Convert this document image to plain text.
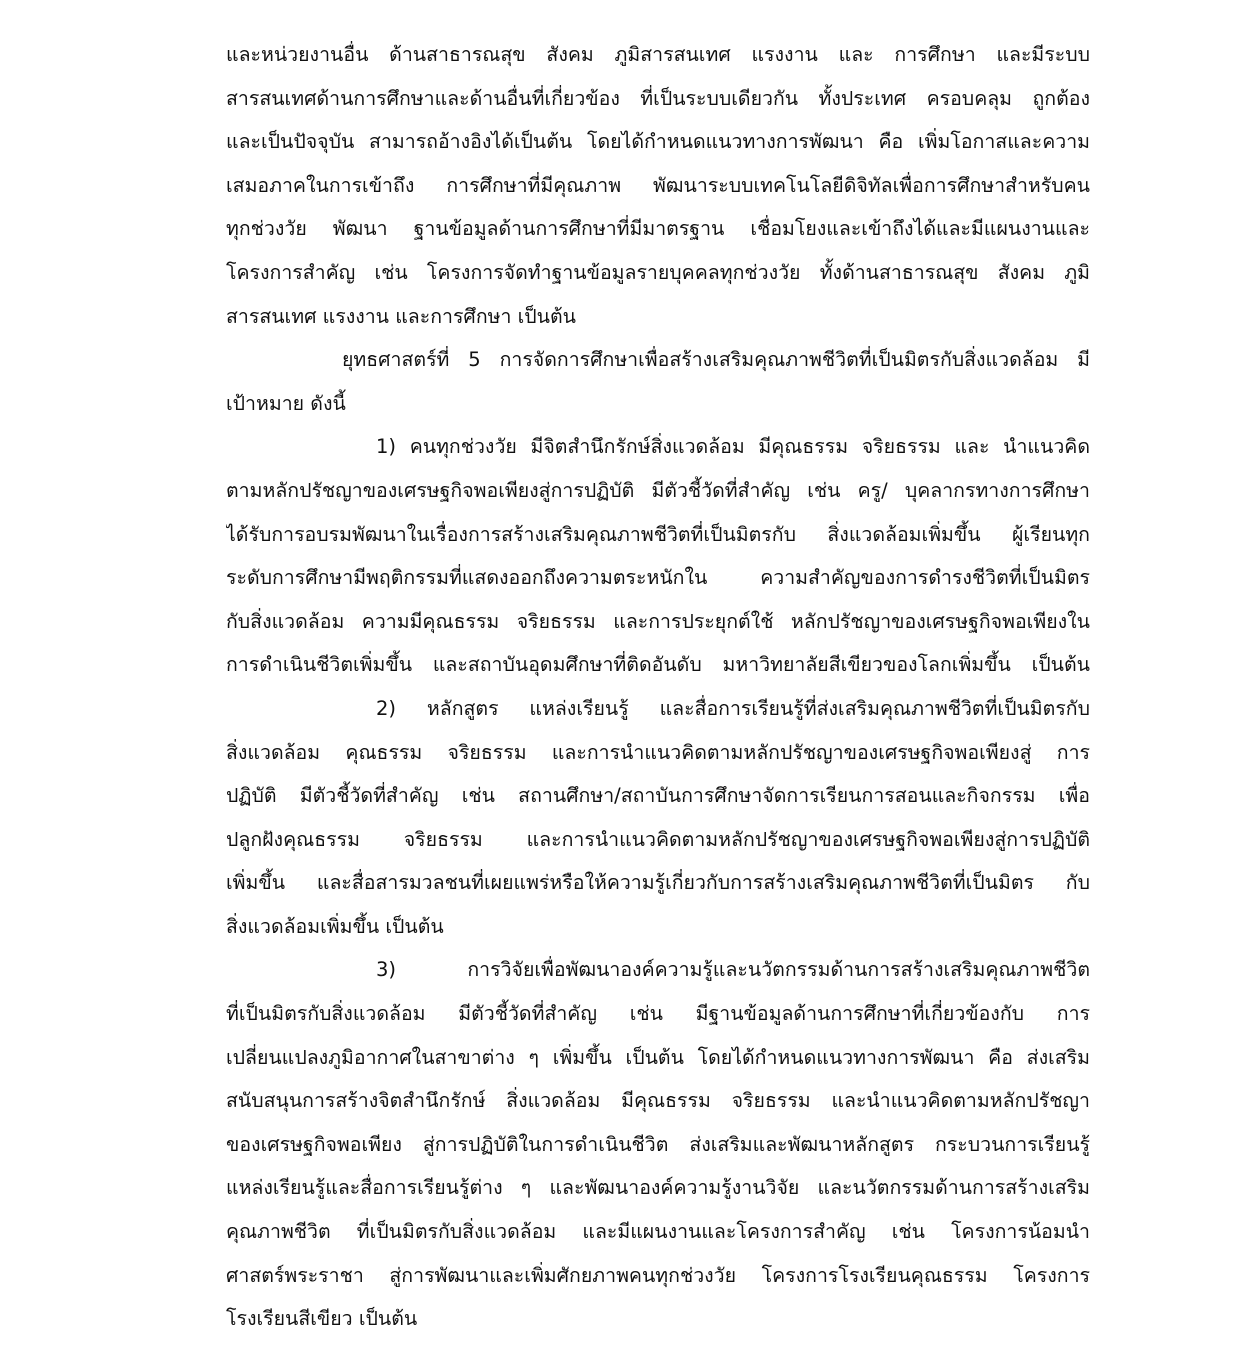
และหน่วยงานอื่น ด้านสาธารณสุข สังคม ภูมิสารสนเทศ แรงงาน และ การศึกษา และมีระบบ
สารสนเทศด้านการศึกษาและด้านอื่นที่เกี่ยวข้อง ที่เป็นระบบเดียวกัน ทั้งประเทศ ครอบคลุม ถูกต้อง
และเป็นปัจจุบัน สามารถอ้างอิงได้เป็นต้น โดยได้กำหนดแนวทางการพัฒนา คือ เพิ่มโอกาสและความ
เสมอภาคในการเข้าถึง การศึกษาที่มีคุณภาพ พัฒนาระบบเทคโนโลยีดิจิทัลเพื่อการศึกษาสำหรับคน
ทุกช่วงวัย พัฒนา ฐานข้อมูลด้านการศึกษาที่มีมาตรฐาน เชื่อมโยงและเข้าถึงได้และมีแผนงานและ
โครงการสำคัญ เช่น โครงการจัดทำฐานข้อมูลรายบุคคลทุกช่วงวัย ทั้งด้านสาธารณสุข สังคม ภูมิ
สารสนเทศ แรงงาน และการศึกษา เป็นต้น
ยุทธศาสตร์ที่ 5 การจัดการศึกษาเพื่อสร้างเสริมคุณภาพชีวิตที่เป็นมิตรกับสิ่งแวดล้อม มี
เป้าหมาย ดังนี้
1) คนทุกช่วงวัย มีจิตสำนึกรักษ์สิ่งแวดล้อม มีคุณธรรม จริยธรรม และ นำแนวคิด
ตามหลักปรัชญาของเศรษฐกิจพอเพียงสู่การปฏิบัติ มีตัวชี้วัดที่สำคัญ เช่น ครู/ บุคลากรทางการศึกษา
ได้รับการอบรมพัฒนาในเรื่องการสร้างเสริมคุณภาพชีวิตที่เป็นมิตรกับ สิ่งแวดล้อมเพิ่มขึ้น ผู้เรียนทุก
ระดับการศึกษามีพฤติกรรมที่แสดงออกถึงความตระหนักใน ความสำคัญของการดำรงชีวิตที่เป็นมิตร
กับสิ่งแวดล้อม ความมีคุณธรรม จริยธรรม และการประยุกต์ใช้ หลักปรัชญาของเศรษฐกิจพอเพียงใน
การดำเนินชีวิตเพิ่มขึ้น และสถาบันอุดมศึกษาที่ติดอันดับ มหาวิทยาลัยสีเขียวของโลกเพิ่มขึ้น เป็นต้น
2) หลักสูตร แหล่งเรียนรู้ และสื่อการเรียนรู้ที่ส่งเสริมคุณภาพชีวิตที่เป็นมิตรกับ
สิ่งแวดล้อม คุณธรรม จริยธรรม และการนำแนวคิดตามหลักปรัชญาของเศรษฐกิจพอเพียงสู่ การ
ปฏิบัติ มีตัวชี้วัดที่สำคัญ เช่น สถานศึกษา/สถาบันการศึกษาจัดการเรียนการสอนและกิจกรรม เพื่อ
ปลูกฝังคุณธรรม จริยธรรม และการนำแนวคิดตามหลักปรัชญาของเศรษฐกิจพอเพียงสู่การปฏิบัติ
เพิ่มขึ้น และสื่อสารมวลชนที่เผยแพร่หรือให้ความรู้เกี่ยวกับการสร้างเสริมคุณภาพชีวิตที่เป็นมิตร กับ
สิ่งแวดล้อมเพิ่มขึ้น เป็นต้น
3) การวิจัยเพื่อพัฒนาองค์ความรู้และนวัตกรรมด้านการสร้างเสริมคุณภาพชีวิต
ที่เป็นมิตรกับสิ่งแวดล้อม มีตัวชี้วัดที่สำคัญ เช่น มีฐานข้อมูลด้านการศึกษาที่เกี่ยวข้องกับ การ
เปลี่ยนแปลงภูมิอากาศในสาขาต่าง ๆ เพิ่มขึ้น เป็นต้น โดยได้กำหนดแนวทางการพัฒนา คือ ส่งเสริม
สนับสนุนการสร้างจิตสำนึกรักษ์ สิ่งแวดล้อม มีคุณธรรม จริยธรรม และนำแนวคิดตามหลักปรัชญา
ของเศรษฐกิจพอเพียง สู่การปฏิบัติในการดำเนินชีวิต ส่งเสริมและพัฒนาหลักสูตร กระบวนการเรียนรู้
แหล่งเรียนรู้และสื่อการเรียนรู้ต่าง ๆ และพัฒนาองค์ความรู้งานวิจัย และนวัตกรรมด้านการสร้างเสริม
คุณภาพชีวิต ที่เป็นมิตรกับสิ่งแวดล้อม และมีแผนงานและโครงการสำคัญ เช่น โครงการน้อมนำ
ศาสตร์พระราชา สู่การพัฒนาและเพิ่มศักยภาพคนทุกช่วงวัย โครงการโรงเรียนคุณธรรม โครงการ
โรงเรียนสีเขียว เป็นต้น
